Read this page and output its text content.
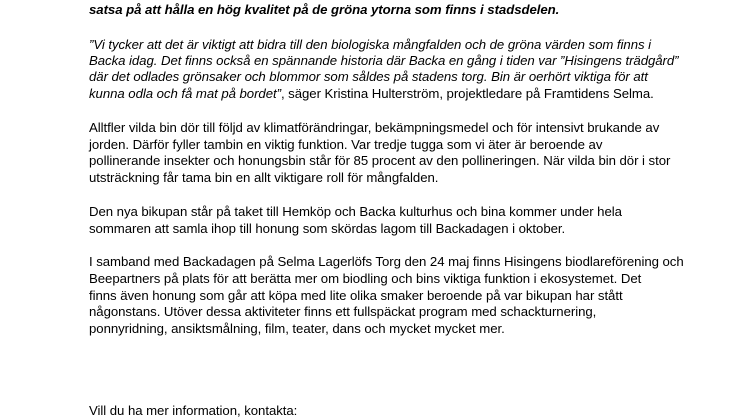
satsa på att hålla en hög kvalitet på de gröna ytorna som finns i stadsdelen.
”Vi tycker att det är viktigt att bidra till den biologiska mångfalden och de gröna värden som finns i
Backa idag. Det finns också en spännande historia där Backa en gång i tiden var ”Hisingens trädgård”
där det odlades grönsaker och blommor som såldes på stadens torg. Bin är oerhört viktiga för att
kunna odla och få mat på bordet”, säger Kristina Hulterström, projektledare på Framtidens Selma.
Alltfler vilda bin dör till följd av klimatförändringar, bekämpningsmedel och för intensivt brukande av
jorden. Därför fyller tambin en viktig funktion. Var tredje tugga som vi äter är beroende av
pollinerande insekter och honungsbin står för 85 procent av den pollineringen. När vilda bin dör i stor
utsträckning får tama bin en allt viktigare roll för mångfalden.
Den nya bikupan står på taket till Hemköp och Backa kulturhus och bina kommer under hela
sommaren att samla ihop till honung som skördas lagom till Backadagen i oktober.
I samband med Backadagen på Selma Lagerlöfs Torg den 24 maj finns Hisingens biodlareförening och
Beepartners på plats för att berätta mer om biodling och bins viktiga funktion i ekosystemet. Det
finns även honung som går att köpa med lite olika smaker beroende på var bikupan har stått
någonstans. Utöver dessa aktiviteter finns ett fullspäckat program med schackturnering,
ponnyridning, ansiktsmålning, film, teater, dans och mycket mycket mer.
Vill du ha mer information, kontakta:
